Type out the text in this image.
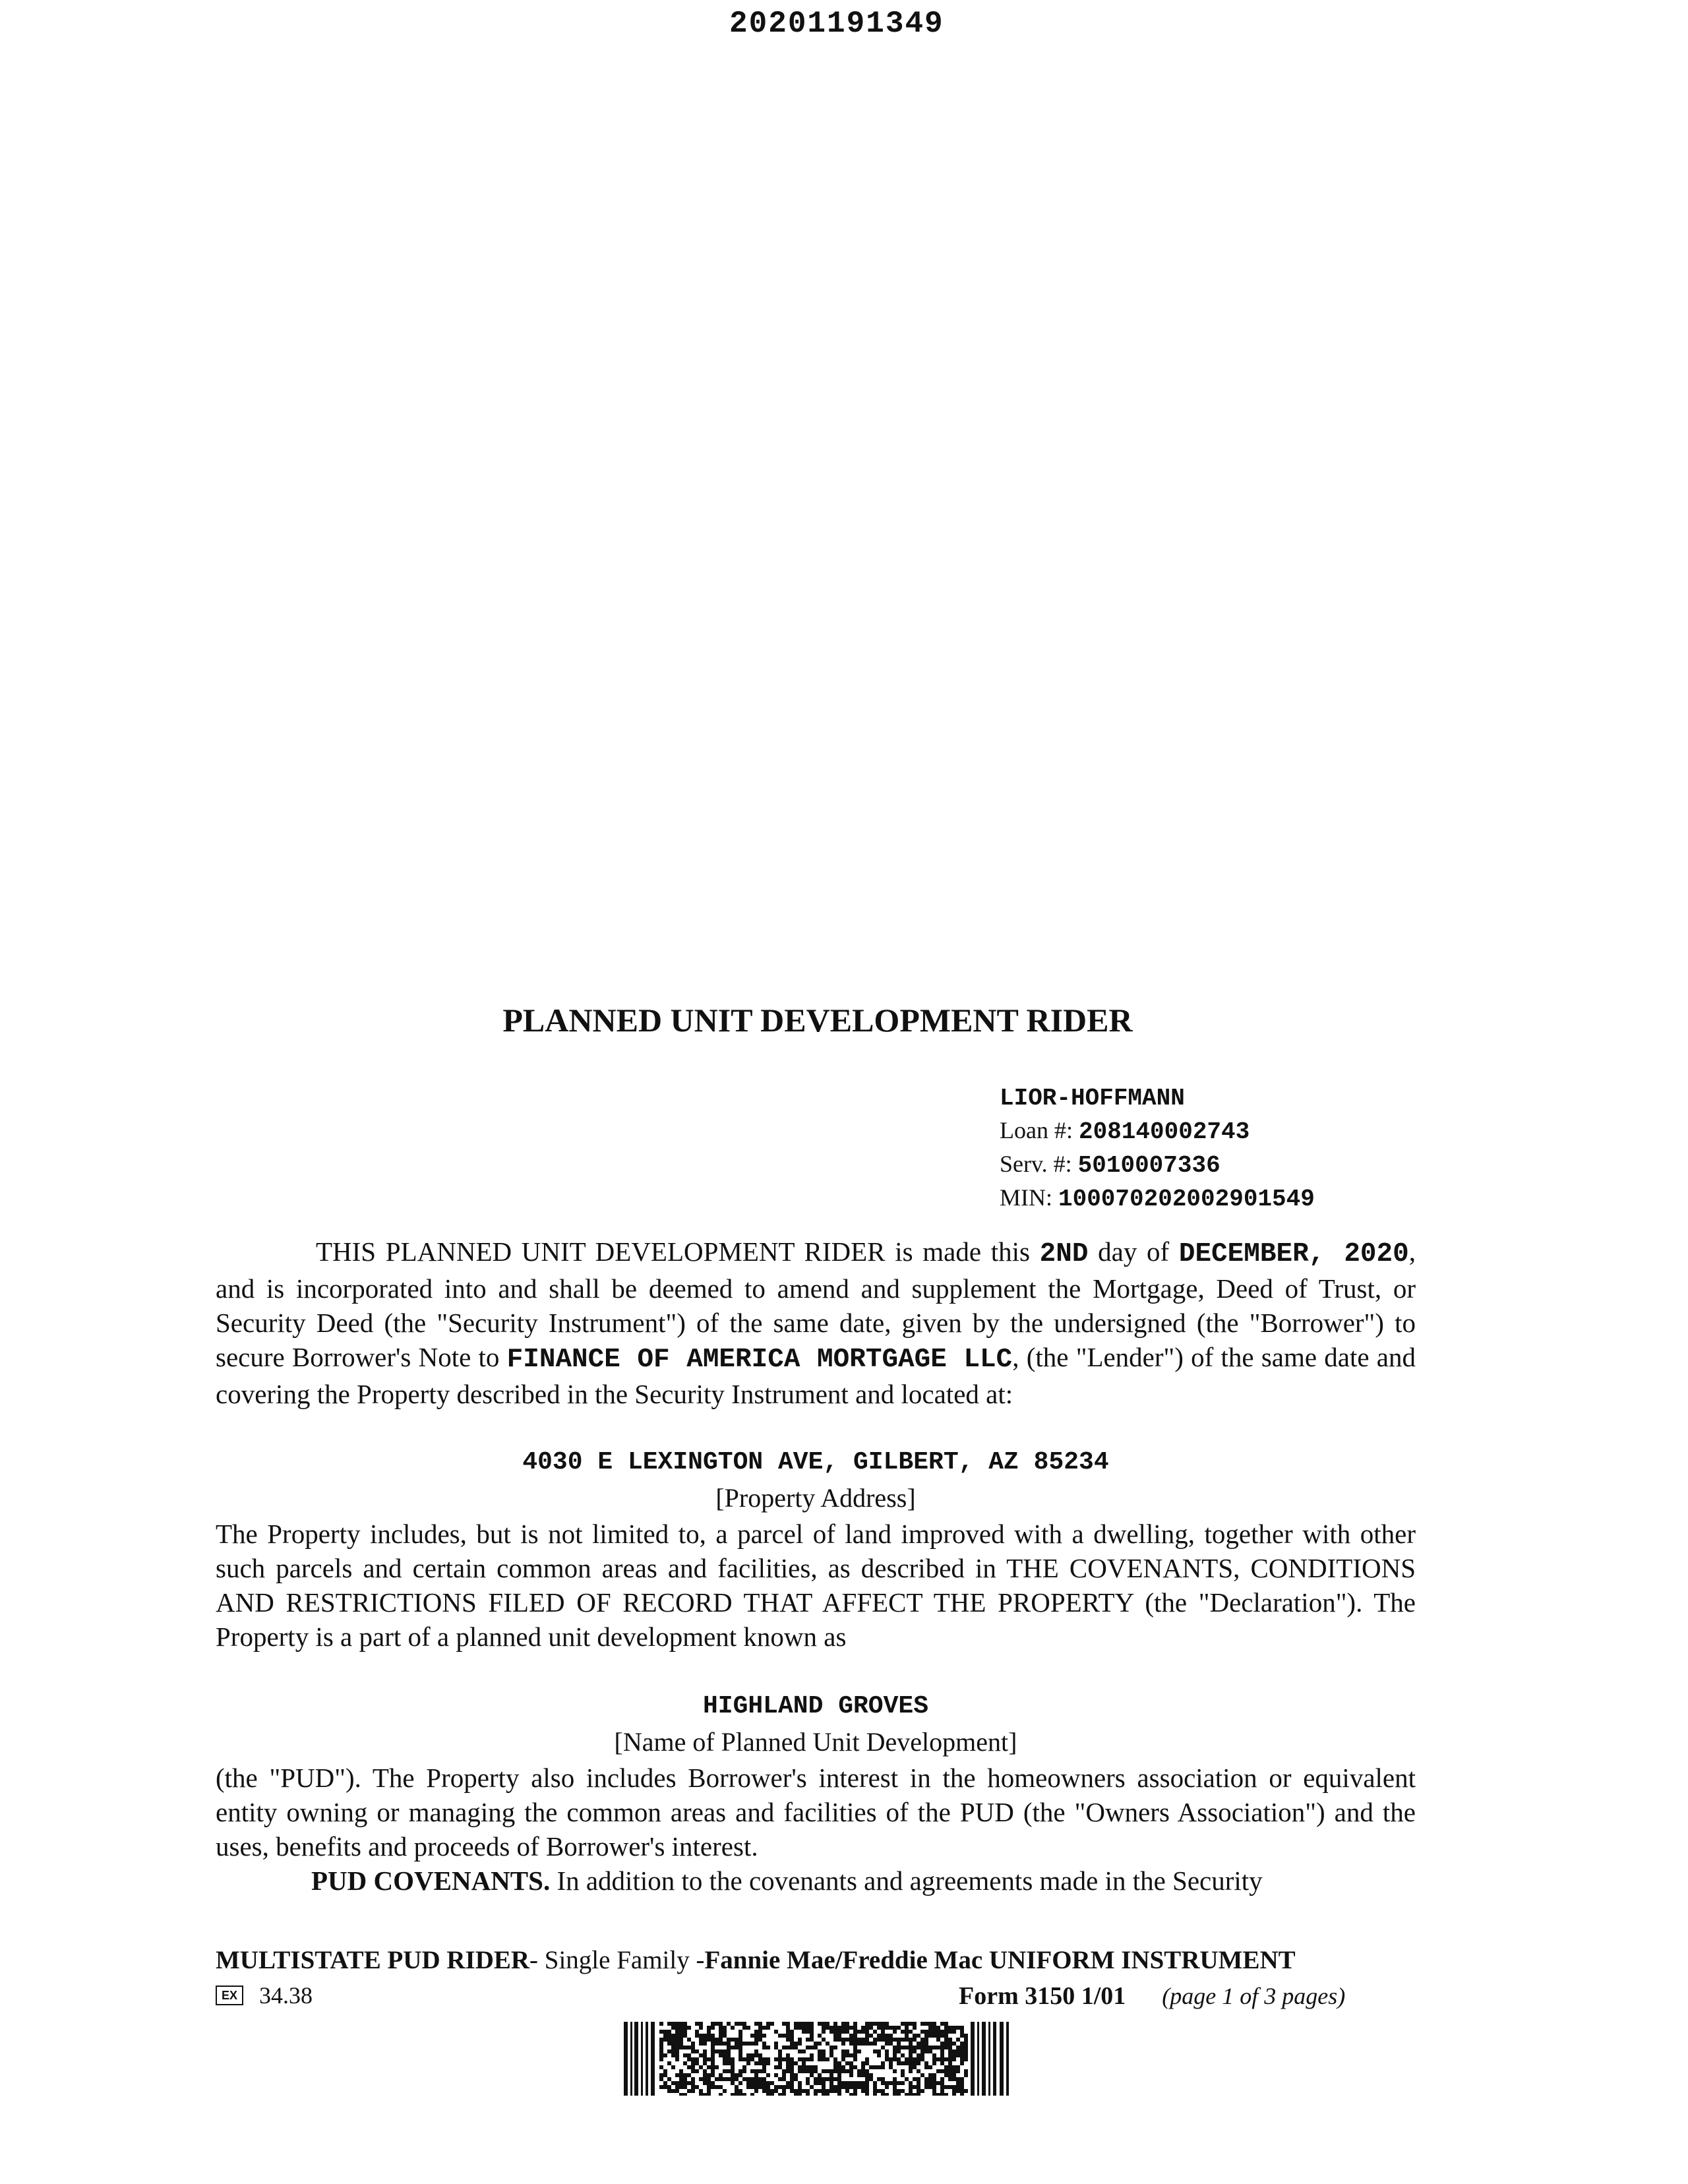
20201191349
PLANNED UNIT DEVELOPMENT RIDER
LIOR-HOFFMANN
Loan #: 208140002743
Serv. #: 5010007336
MIN: 100070202002901549

THIS PLANNED UNIT DEVELOPMENT RIDER is made this 2ND day of DECEMBER, 2020, and is incorporated into and shall be deemed to amend and supplement the Mortgage, Deed of Trust, or Security Deed (the "Security Instrument") of the same date, given by the undersigned (the "Borrower") to secure Borrower's Note to FINANCE OF AMERICA MORTGAGE LLC, (the "Lender") of the same date and covering the Property described in the Security Instrument and located at:

4030 E LEXINGTON AVE, GILBERT, AZ 85234
[Property Address]

The Property includes, but is not limited to, a parcel of land improved with a dwelling, together with other such parcels and certain common areas and facilities, as described in THE COVENANTS, CONDITIONS AND RESTRICTIONS FILED OF RECORD THAT AFFECT THE PROPERTY (the "Declaration"). The Property is a part of a planned unit development known as

HIGHLAND GROVES
[Name of Planned Unit Development]

(the "PUD"). The Property also includes Borrower's interest in the homeowners association or equivalent entity owning or managing the common areas and facilities of the PUD (the "Owners Association") and the uses, benefits and proceeds of Borrower's interest.

PUD COVENANTS. In addition to the covenants and agreements made in the Security

MULTISTATE PUD RIDER- Single Family -Fannie Mae/Freddie Mac UNIFORM INSTRUMENT
EX 34.38	Form 3150 1/01 (page 1 of 3 pages)
